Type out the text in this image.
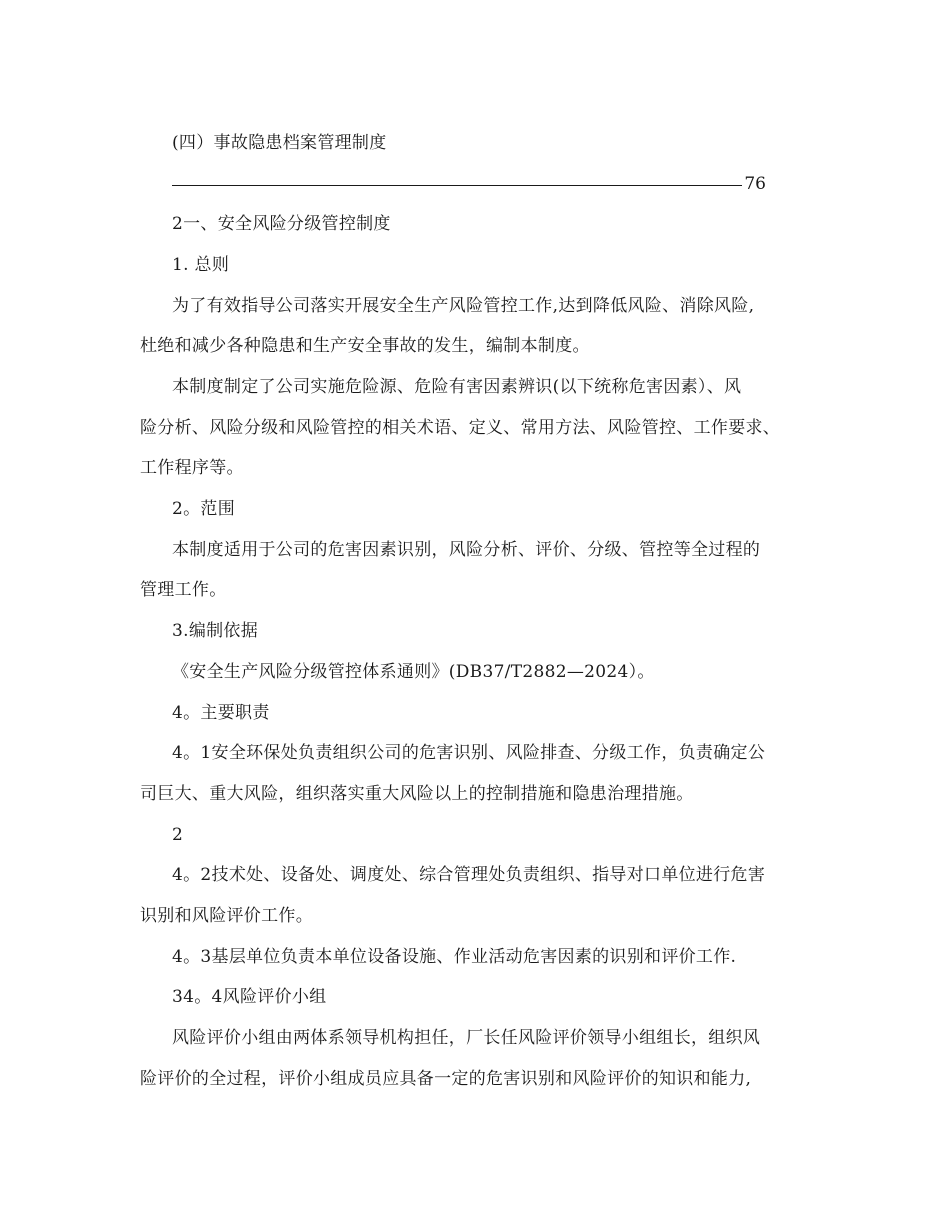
(四）事故隐患档案管理制度
76
2一、安全风险分级管控制度
1. 总则
为了有效指导公司落实开展安全生产风险管控工作,达到降低风险、消除风险,
杜绝和减少各种隐患和生产安全事故的发生，编制本制度。
本制度制定了公司实施危险源、危险有害因素辨识(以下统称危害因素）、风
险分析、风险分级和风险管控的相关术语、定义、常用方法、风险管控、工作要求、
工作程序等。
2。范围
本制度适用于公司的危害因素识别，风险分析、评价、分级、管控等全过程的
管理工作。
3.编制依据
《安全生产风险分级管控体系通则》(DB37/T2882—2024）。
4。主要职责
4。1安全环保处负责组织公司的危害识别、风险排查、分级工作，负责确定公
司巨大、重大风险，组织落实重大风险以上的控制措施和隐患治理措施。
2
4。2技术处、设备处、调度处、综合管理处负责组织、指导对口单位进行危害
识别和风险评价工作。
4。3基层单位负责本单位设备设施、作业活动危害因素的识别和评价工作.
34。4风险评价小组
风险评价小组由两体系领导机构担任，厂长任风险评价领导小组组长，组织风
险评价的全过程，评价小组成员应具备一定的危害识别和风险评价的知识和能力,
